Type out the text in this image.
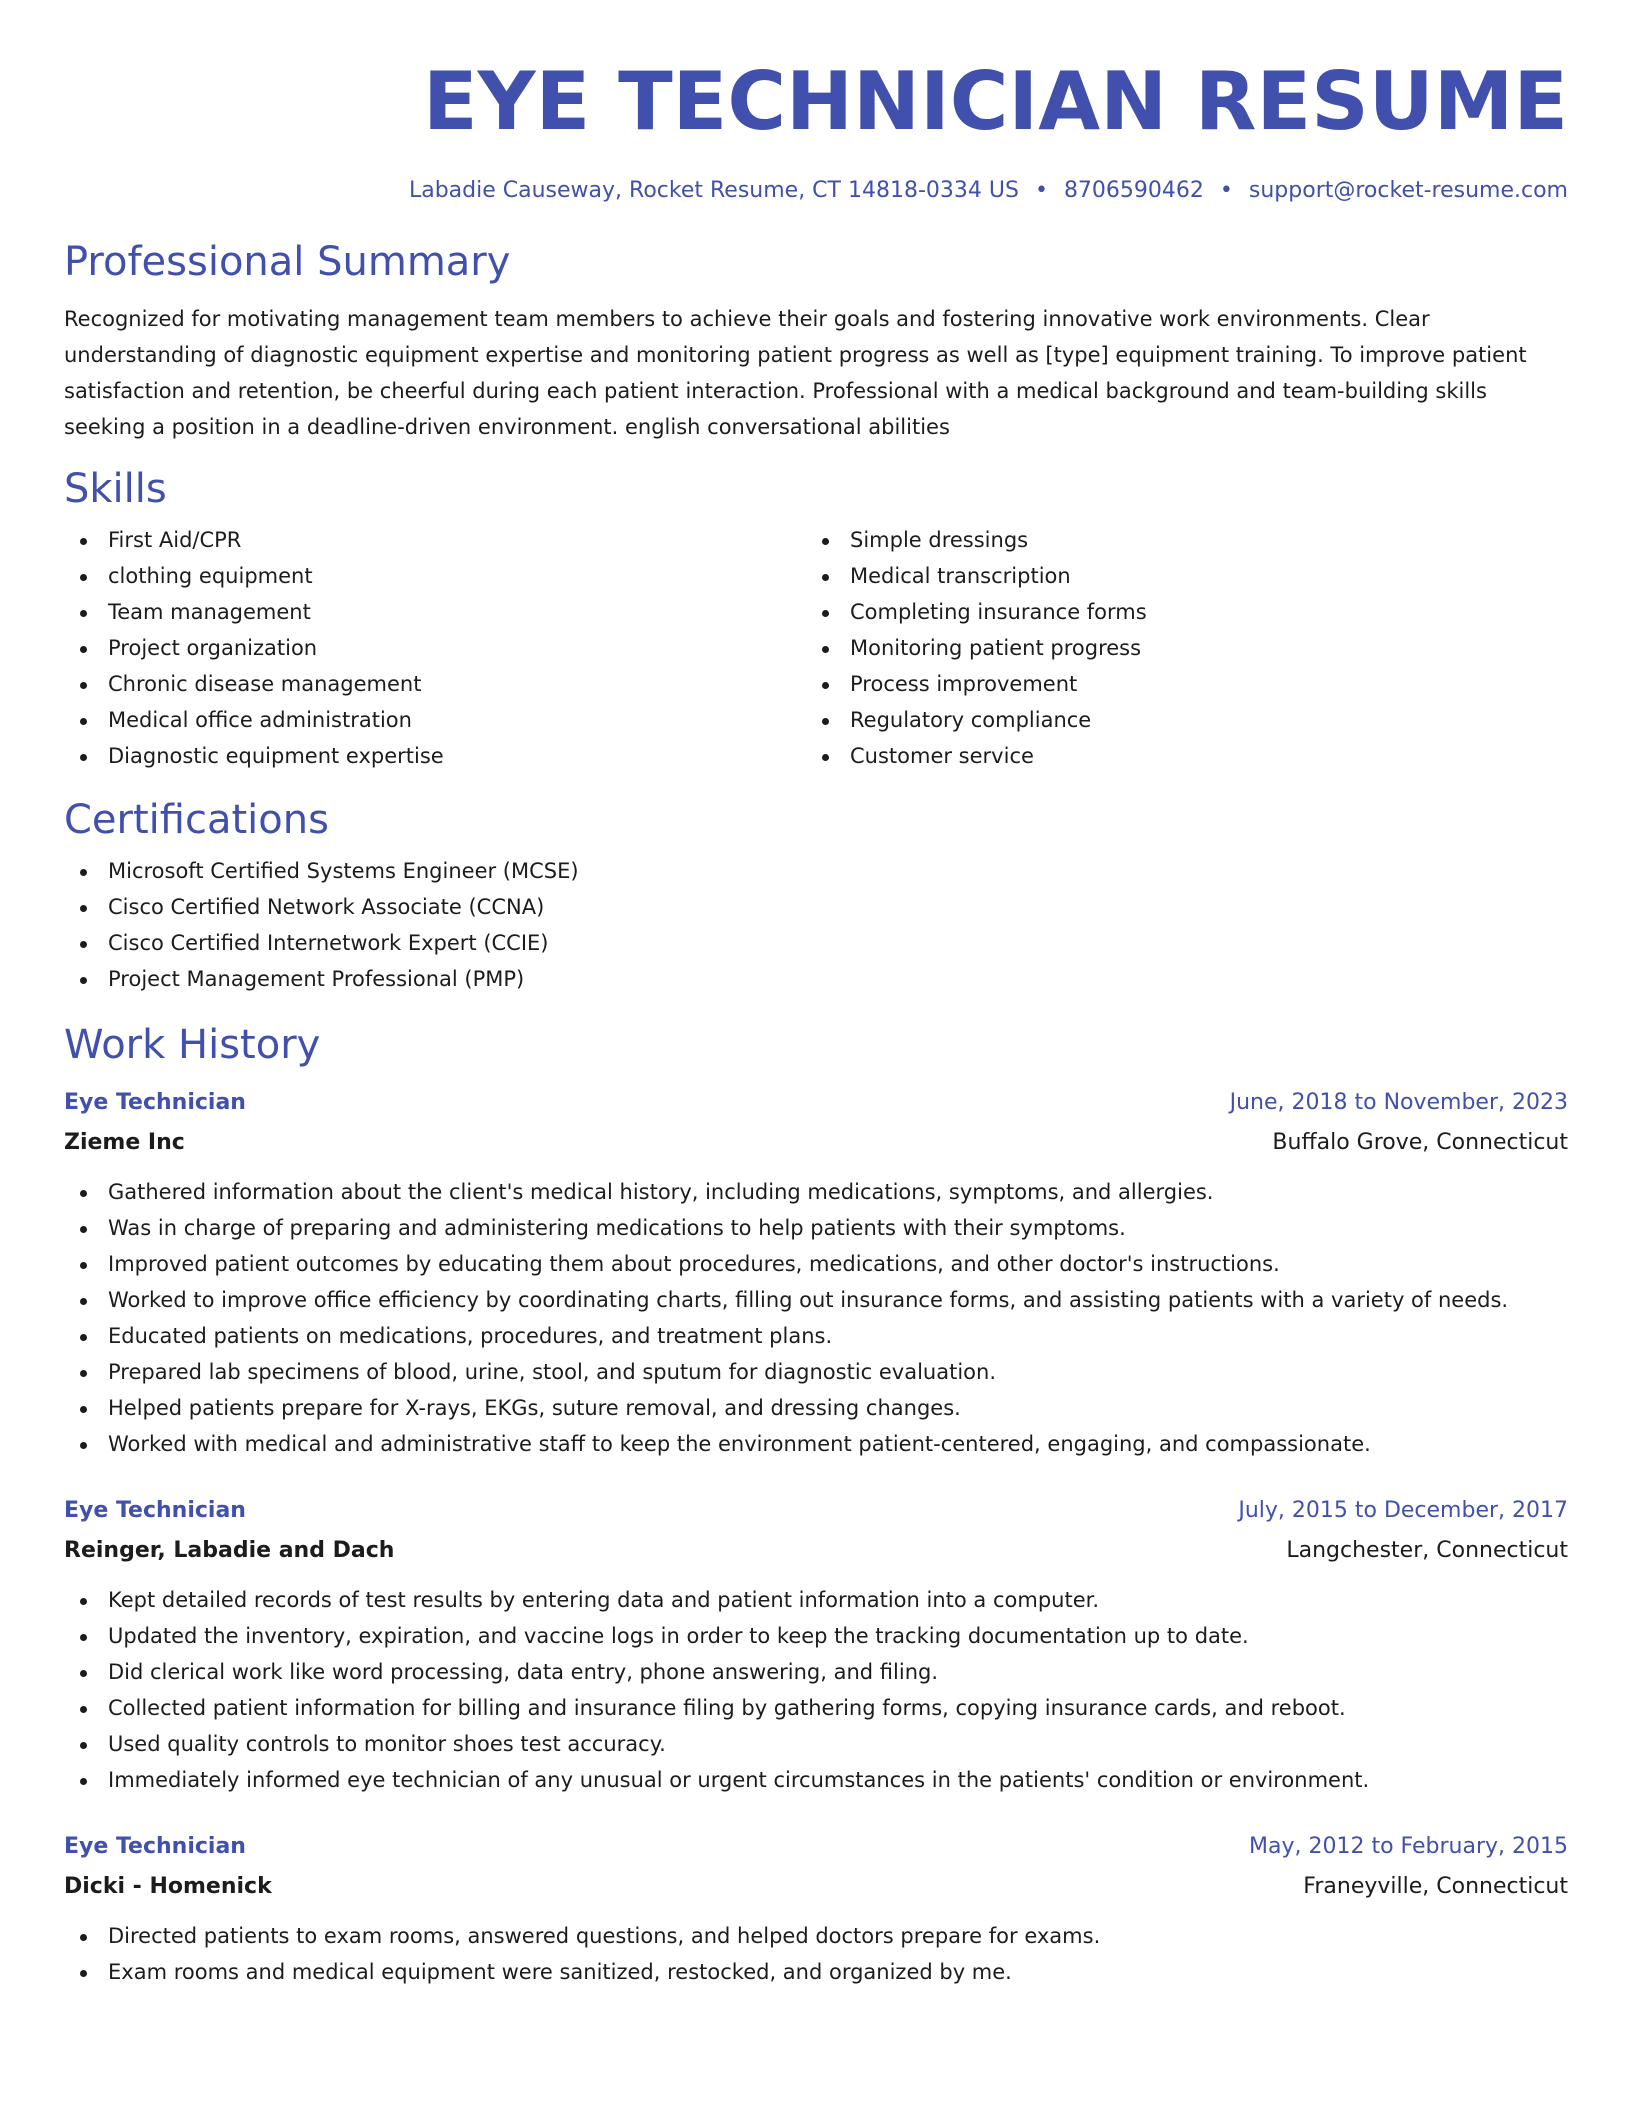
EYE TECHNICIAN RESUME
Labadie Causeway, Rocket Resume, CT 14818-0334 US • 8706590462 • support@rocket-resume.com
Professional Summary

Recognized for motivating management team members to achieve their goals and fostering innovative work environments. Clear understanding of diagnostic equipment expertise and monitoring patient progress as well as [type] equipment training. To improve patient satisfaction and retention, be cheerful during each patient interaction. Professional with a medical background and team-building skills seeking a position in a deadline-driven environment. english conversational abilities

Skills
First Aid/CPR
clothing equipment
Team management
Project organization
Chronic disease management
Medical office administration
Diagnostic equipment expertise
Simple dressings
Medical transcription
Completing insurance forms
Monitoring patient progress
Process improvement
Regulatory compliance
Customer service
Certifications
Microsoft Certified Systems Engineer (MCSE)
Cisco Certified Network Associate (CCNA)
Cisco Certified Internetwork Expert (CCIE)
Project Management Professional (PMP)
Work History
Eye Technician	June, 2018 to November, 2023
Zieme Inc	Buffalo Grove, Connecticut
Gathered information about the client's medical history, including medications, symptoms, and allergies.
Was in charge of preparing and administering medications to help patients with their symptoms.
Improved patient outcomes by educating them about procedures, medications, and other doctor's instructions.
Worked to improve office efficiency by coordinating charts, filling out insurance forms, and assisting patients with a variety of needs.
Educated patients on medications, procedures, and treatment plans.
Prepared lab specimens of blood, urine, stool, and sputum for diagnostic evaluation.
Helped patients prepare for X-rays, EKGs, suture removal, and dressing changes.
Worked with medical and administrative staff to keep the environment patient-centered, engaging, and compassionate.
Eye Technician	July, 2015 to December, 2017
Reinger, Labadie and Dach	Langchester, Connecticut
Kept detailed records of test results by entering data and patient information into a computer.
Updated the inventory, expiration, and vaccine logs in order to keep the tracking documentation up to date.
Did clerical work like word processing, data entry, phone answering, and filing.
Collected patient information for billing and insurance filing by gathering forms, copying insurance cards, and reboot.
Used quality controls to monitor shoes test accuracy.
Immediately informed eye technician of any unusual or urgent circumstances in the patients' condition or environment.
Eye Technician	May, 2012 to February, 2015
Dicki - Homenick	Franeyville, Connecticut
Directed patients to exam rooms, answered questions, and helped doctors prepare for exams.
Exam rooms and medical equipment were sanitized, restocked, and organized by me.
